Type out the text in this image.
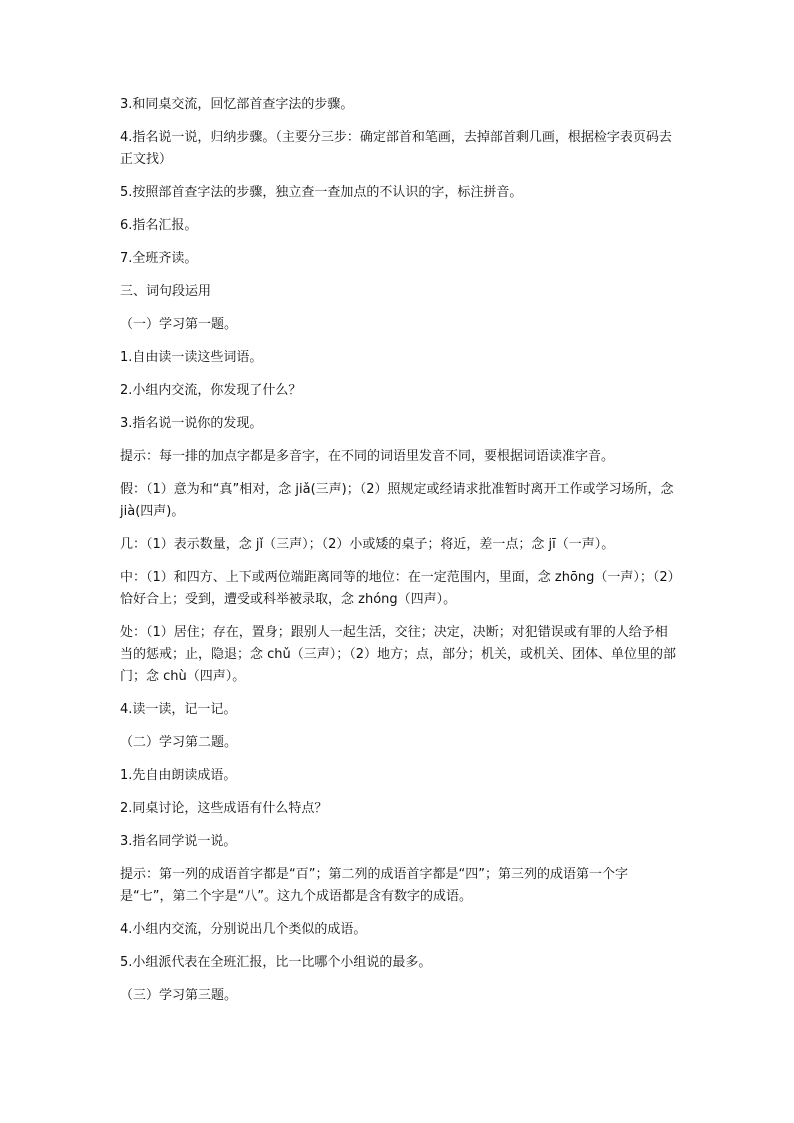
3.和同桌交流，回忆部首查字法的步骤。

4.指名说一说，归纳步骤。（主要分三步：确定部首和笔画，去掉部首剩几画，根据检字表页码去正文找）

5.按照部首查字法的步骤，独立查一查加点的不认识的字，标注拼音。

6.指名汇报。

7.全班齐读。

三、词句段运用

（一）学习第一题。

1.自由读一读这些词语。

2.小组内交流，你发现了什么？

3.指名说一说你的发现。

提示：每一排的加点字都是多音字，在不同的词语里发音不同，要根据词语读准字音。

假：（1）意为和“真”相对，念 jiǎ(三声)；（2）照规定或经请求批准暂时离开工作或学习场所，念 jià(四声)。

几：（1）表示数量，念 jǐ（三声）；（2）小或矮的桌子；将近，差一点；念 jī（一声）。

中：（1）和四方、上下或两位端距离同等的地位：在一定范围内，里面，念 zhōng（一声）；（2）恰好合上；受到，遭受或科举被录取，念 zhóng（四声）。

处：（1）居住；存在，置身；跟别人一起生活，交往；决定，决断；对犯错误或有罪的人给予相当的惩戒；止，隐退；念 chǔ（三声）；（2）地方；点，部分；机关，或机关、团体、单位里的部门；念 chù（四声）。

4.读一读，记一记。

（二）学习第二题。

1.先自由朗读成语。

2.同桌讨论，这些成语有什么特点？

3.指名同学说一说。

提示：第一列的成语首字都是“百”；第二列的成语首字都是“四”；第三列的成语第一个字是“七”，第二个字是“八”。这九个成语都是含有数字的成语。

4.小组内交流，分别说出几个类似的成语。

5.小组派代表在全班汇报，比一比哪个小组说的最多。

（三）学习第三题。
